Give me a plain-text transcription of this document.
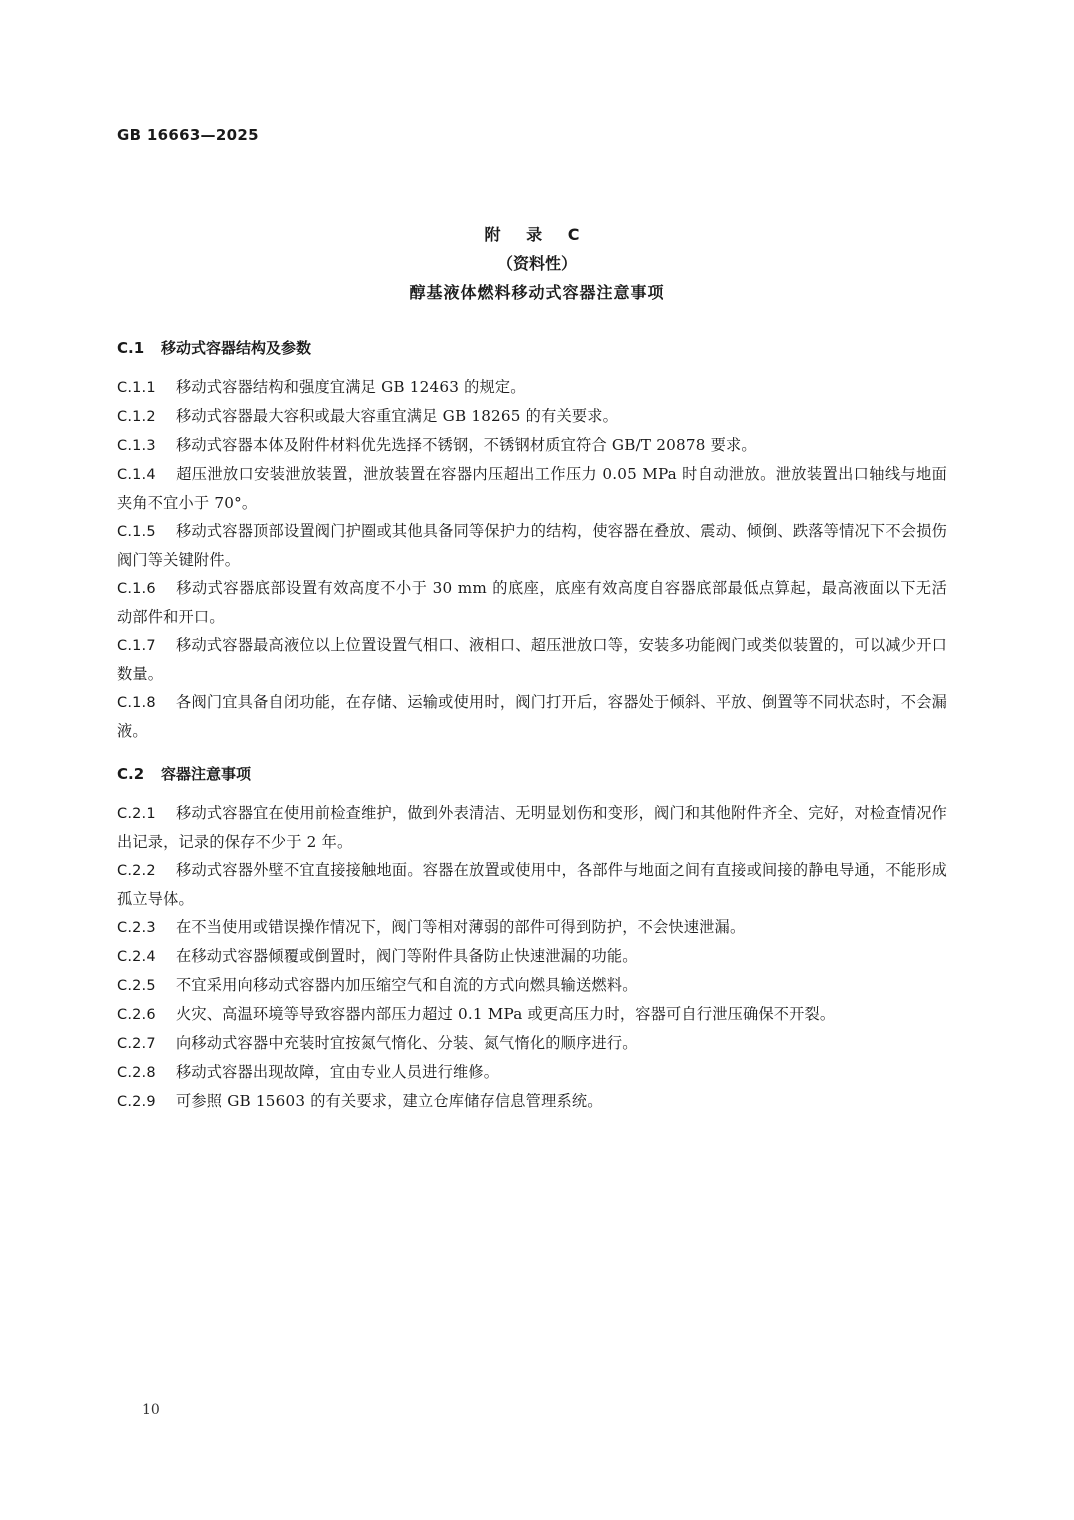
GB 16663—2025
附 录 C
（资料性）
醇基液体燃料移动式容器注意事项
C.1 移动式容器结构及参数
C.1.1 移动式容器结构和强度宜满足 GB 12463 的规定。
C.1.2 移动式容器最大容积或最大容重宜满足 GB 18265 的有关要求。
C.1.3 移动式容器本体及附件材料优先选择不锈钢，不锈钢材质宜符合 GB/T 20878 要求。
C.1.4 超压泄放口安装泄放装置，泄放装置在容器内压超出工作压力 0.05 MPa 时自动泄放。泄放装置出口轴线与地面夹角不宜小于 70°。
C.1.5 移动式容器顶部设置阀门护圈或其他具备同等保护力的结构，使容器在叠放、震动、倾倒、跌落等情况下不会损伤阀门等关键附件。
C.1.6 移动式容器底部设置有效高度不小于 30 mm 的底座，底座有效高度自容器底部最低点算起，最高液面以下无活动部件和开口。
C.1.7 移动式容器最高液位以上位置设置气相口、液相口、超压泄放口等，安装多功能阀门或类似装置的，可以减少开口数量。
C.1.8 各阀门宜具备自闭功能，在存储、运输或使用时，阀门打开后，容器处于倾斜、平放、倒置等不同状态时，不会漏液。
C.2 容器注意事项
C.2.1 移动式容器宜在使用前检查维护，做到外表清洁、无明显划伤和变形，阀门和其他附件齐全、完好，对检查情况作出记录，记录的保存不少于 2 年。
C.2.2 移动式容器外壁不宜直接接触地面。容器在放置或使用中，各部件与地面之间有直接或间接的静电导通，不能形成孤立导体。
C.2.3 在不当使用或错误操作情况下，阀门等相对薄弱的部件可得到防护，不会快速泄漏。
C.2.4 在移动式容器倾覆或倒置时，阀门等附件具备防止快速泄漏的功能。
C.2.5 不宜采用向移动式容器内加压缩空气和自流的方式向燃具输送燃料。
C.2.6 火灾、高温环境等导致容器内部压力超过 0.1 MPa 或更高压力时，容器可自行泄压确保不开裂。
C.2.7 向移动式容器中充装时宜按氮气惰化、分装、氮气惰化的顺序进行。
C.2.8 移动式容器出现故障，宜由专业人员进行维修。
C.2.9 可参照 GB 15603 的有关要求，建立仓库储存信息管理系统。
10
